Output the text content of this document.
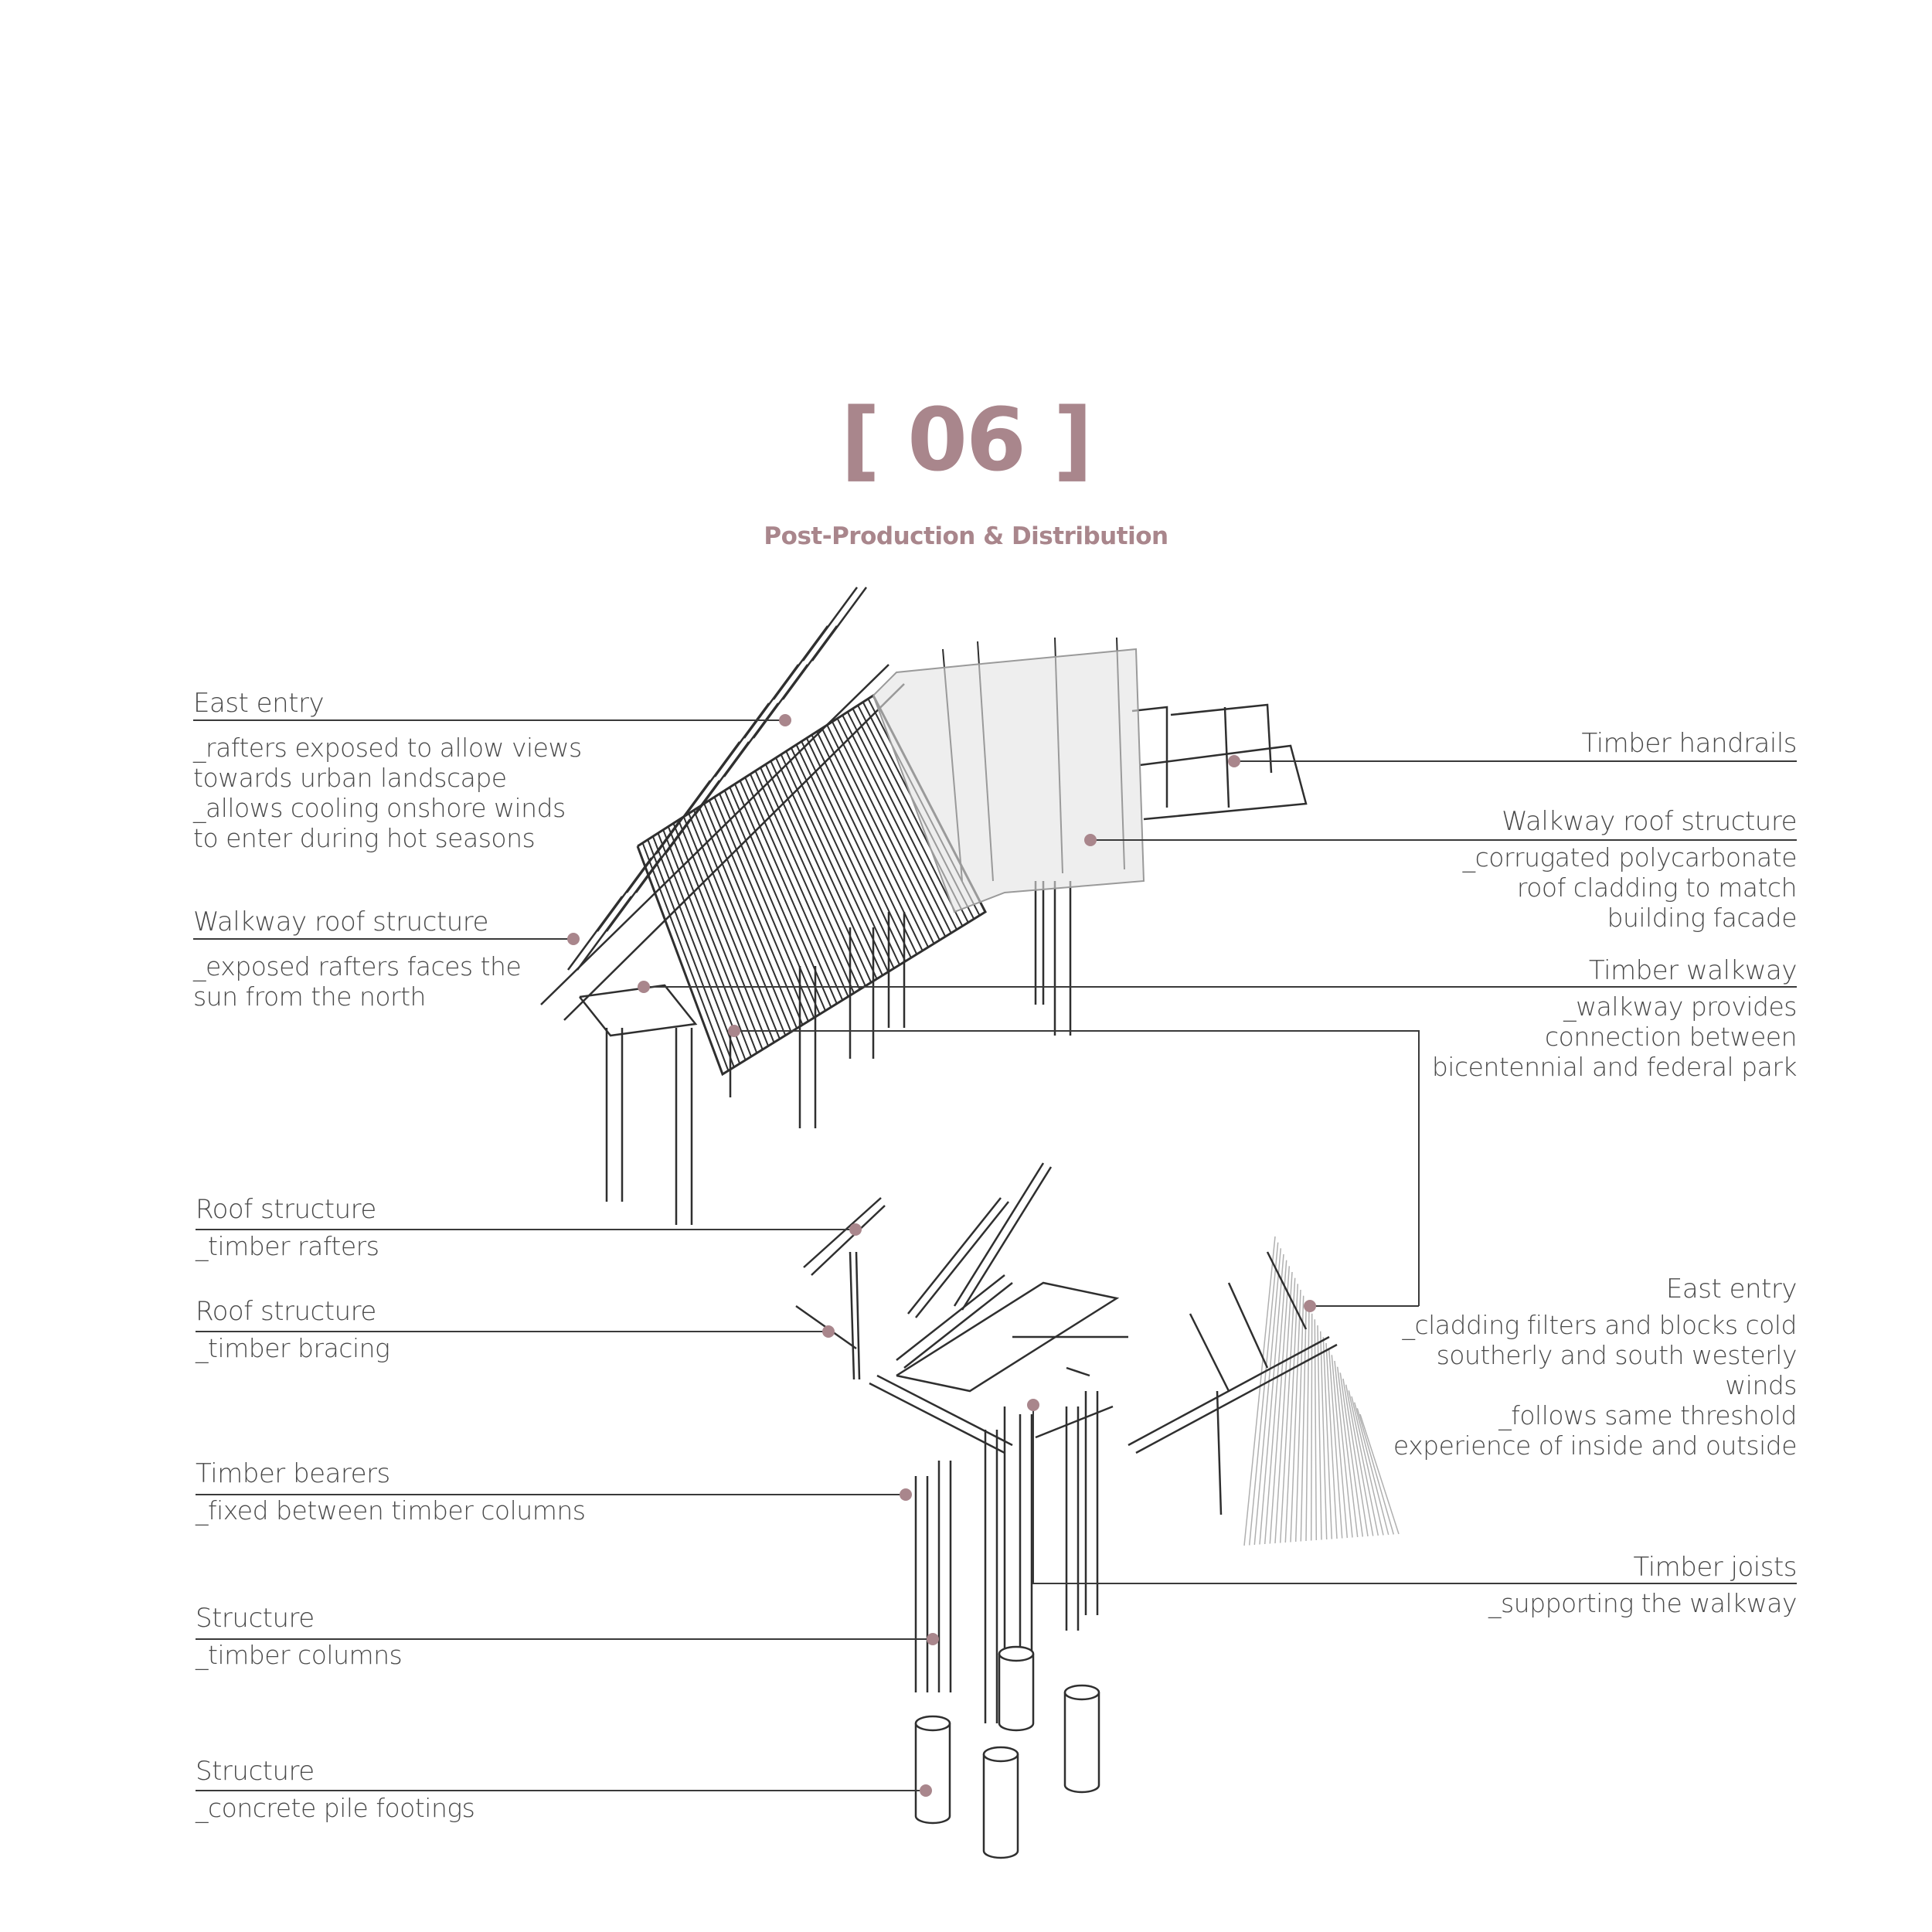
[ 06 ]
Post-Production & Distribution
East entry
_rafters exposed to allow views
towards urban landscape
_allows cooling onshore winds
to enter during hot seasons
Walkway roof structure
_exposed rafters faces the
sun from the north
Roof structure
_timber rafters
Roof structure
_timber bracing
Timber bearers
_fixed between timber columns
Structure
_timber columns
Structure
_concrete pile footings
Timber handrails
Walkway roof structure
_corrugated polycarbonate
roof cladding to match
building facade
Timber walkway
_walkway provides
connection between
bicentennial and federal park
East entry
_cladding filters and blocks cold
southerly and south westerly
winds
_follows same threshold
experience of inside and outside
Timber joists
_supporting the walkway
